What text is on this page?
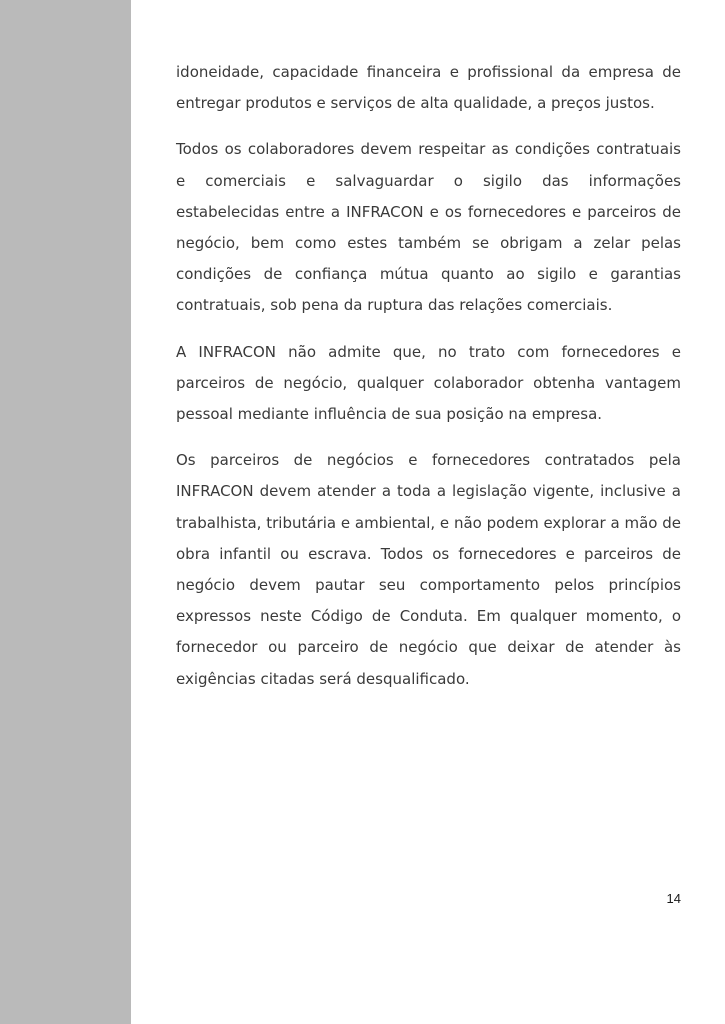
idoneidade, capacidade financeira e profissional da empresa de entregar produtos e serviços de alta qualidade, a preços justos.

Todos os colaboradores devem respeitar as condições contratuais e comerciais e salvaguardar o sigilo das informações estabelecidas entre a INFRACON e os fornecedores e parceiros de negócio, bem como estes também se obrigam a zelar pelas condições de confiança mútua quanto ao sigilo e garantias contratuais, sob pena da ruptura das relações comerciais.

A INFRACON não admite que, no trato com fornecedores e parceiros de negócio, qualquer colaborador obtenha vantagem pessoal mediante influência de sua posição na empresa.

Os parceiros de negócios e fornecedores contratados pela INFRACON devem atender a toda a legislação vigente, inclusive a trabalhista, tributária e ambiental, e não podem explorar a mão de obra infantil ou escrava. Todos os fornecedores e parceiros de negócio devem pautar seu comportamento pelos princípios expressos neste Código de Conduta. Em qualquer momento, o fornecedor ou parceiro de negócio que deixar de atender às exigências citadas será desqualificado.

14
